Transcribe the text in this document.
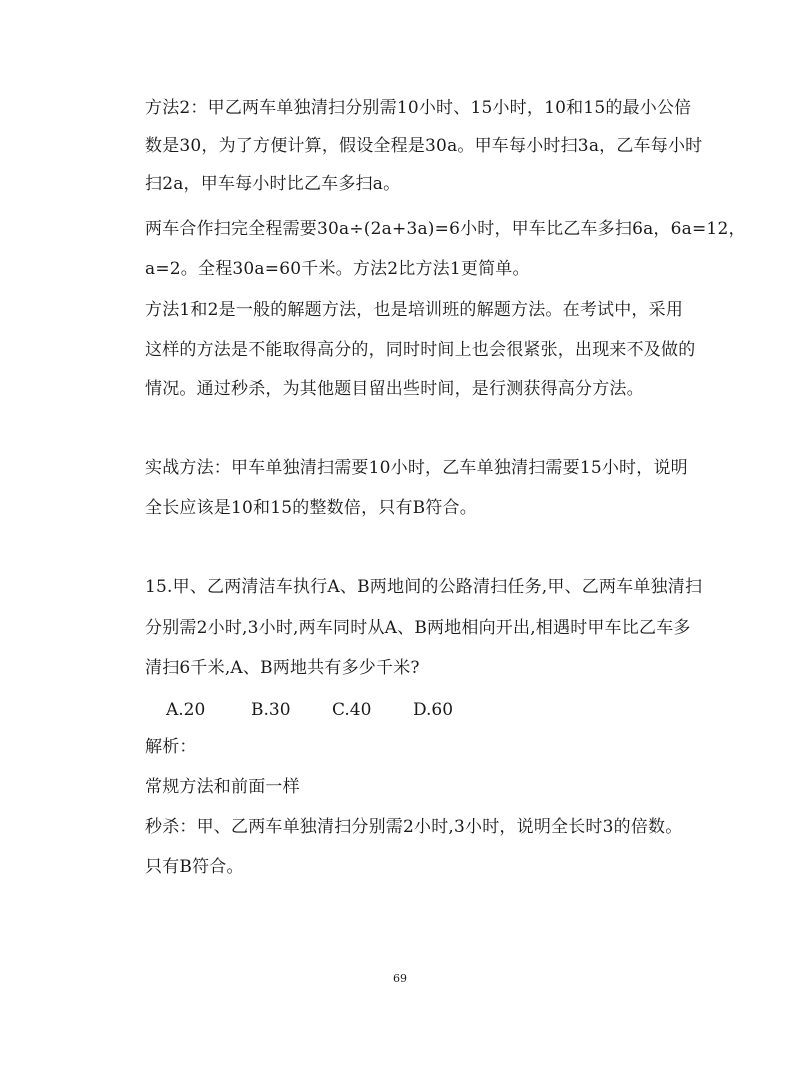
方法2：甲乙两车单独清扫分别需10小时、15小时，10和15的最小公倍
数是30，为了方便计算，假设全程是30a。甲车每小时扫3a，乙车每小时
扫2a，甲车每小时比乙车多扫a。
两车合作扫完全程需要30a÷(2a+3a)=6小时，甲车比乙车多扫6a，6a=12，
a=2。全程30a=60千米。方法2比方法1更简单。
方法1和2是一般的解题方法，也是培训班的解题方法。在考试中，采用
这样的方法是不能取得高分的，同时时间上也会很紧张，出现来不及做的
情况。通过秒杀，为其他题目留出些时间，是行测获得高分方法。
实战方法：甲车单独清扫需要10小时，乙车单独清扫需要15小时，说明
全长应该是10和15的整数倍，只有B符合。
15.甲、乙两清洁车执行A、B两地间的公路清扫任务,甲、乙两车单独清扫
分别需2小时,3小时,两车同时从A、B两地相向开出,相遇时甲车比乙车多
清扫6千米,A、B两地共有多少千米?
A.20	B.30 C.40 D.60
解析：
常规方法和前面一样
秒杀：甲、乙两车单独清扫分别需2小时,3小时，说明全长时3的倍数。
只有B符合。
69
